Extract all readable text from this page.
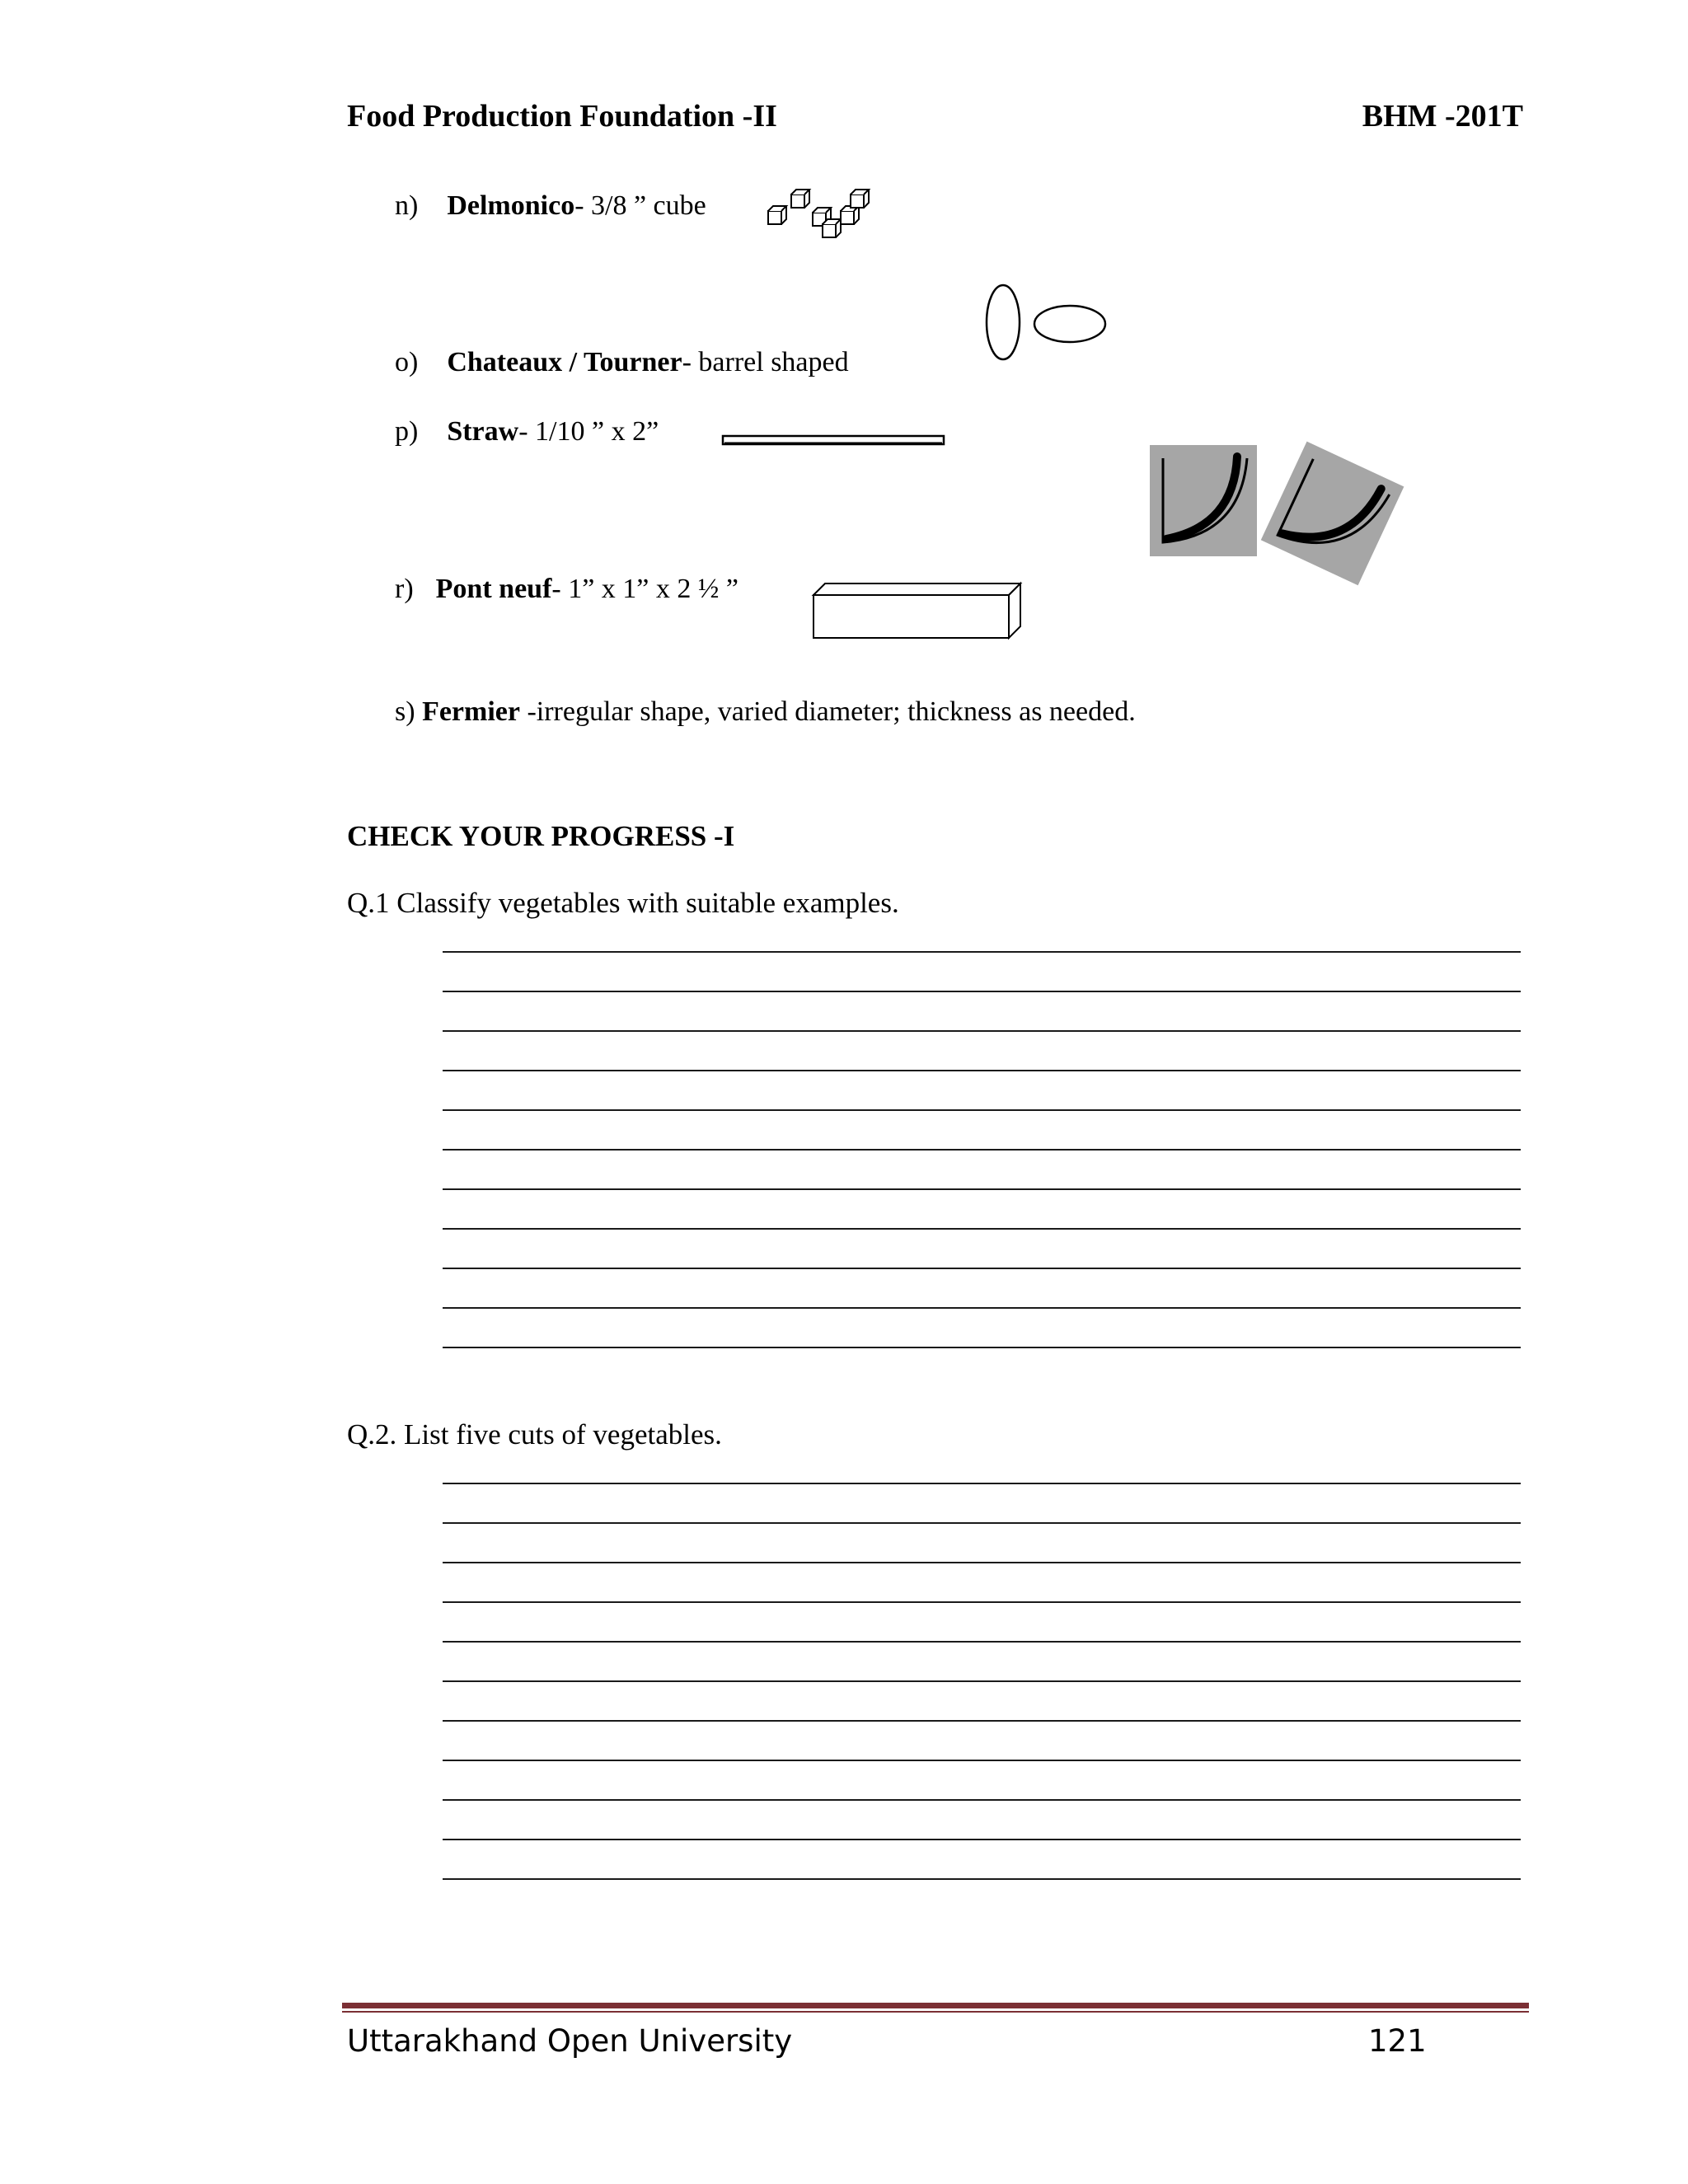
Food Production Foundation -II	BHM -201T
n) Delmonico- 3/8 ” cube
o) Chateaux / Tourner- barrel shaped
p) Straw- 1/10 ” x 2”
r) Pont neuf- 1” x 1” x 2 ½ ”
s) Fermier -irregular shape, varied diameter; thickness as needed.
CHECK YOUR PROGRESS -I
Q.1 Classify vegetables with suitable examples.
Q.2. List five cuts of vegetables.
Uttarakhand Open University	121
